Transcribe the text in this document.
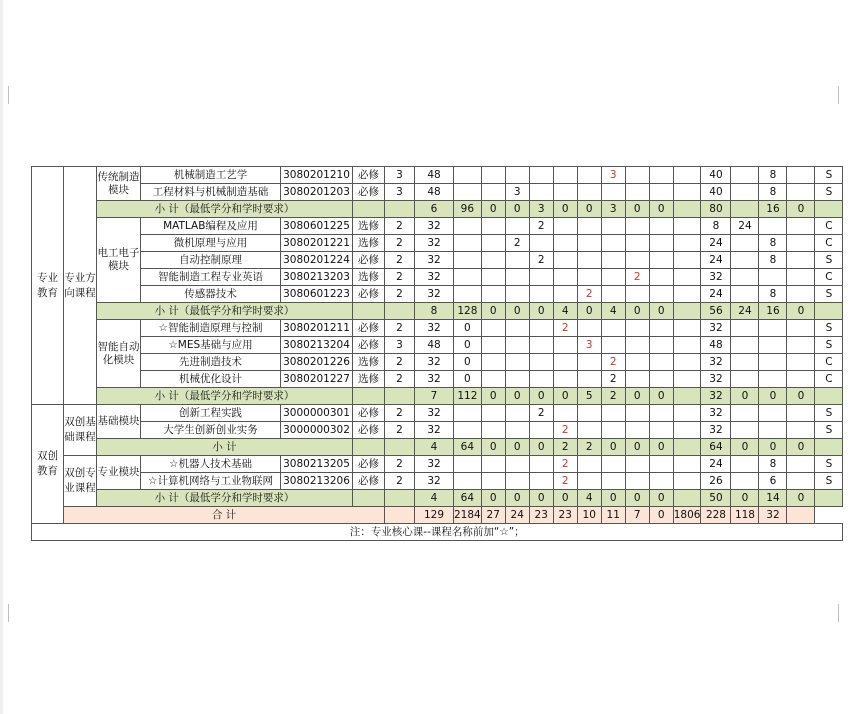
专业教育	专业方向课程	传统制造模块	机械制造工艺学	3080201210	必修	3	48							3				40		8		S
			工程材料与机械制造基础	3080201203	必修	3	48			3								40		8		S
		小 计（最低学分和学时要求）					6	96	0	0	3	0	0	3	0	0		80		16	0	
		电工电子模块	MATLAB编程及应用	3080601225	选修	2	32				2							8	24			C
			微机原理与应用	3080201221	选修	2	32			2								24		8		C
			自动控制原理	3080201224	必修	2	32				2							24		8		S
			智能制造工程专业英语	3080213203	选修	2	32								2			32				C
			传感器技术	3080601223	必修	2	32						2					24		8		S
		小 计（最低学分和学时要求）					8	128	0	0	0	4	0	4	0	0		56	24	16	0	
		智能自动化模块	☆智能制造原理与控制	3080201211	必修	2	32	0				2						32				S
			☆MES基础与应用	3080213204	必修	3	48	0					3					48				S
			先进制造技术	3080201226	选修	2	32	0						2				32				C
			机械优化设计	3080201227	选修	2	32	0						2				32				C
		小 计（最低学分和学时要求）					7	112	0	0	0	0	5	2	0	0		32	0	0	0	
双创教育	双创基础课程	基础模块	创新工程实践	3000000301	必修	2	32				2							32				S
			大学生创新创业实务	3000000302	必修	2	32					2						32				S
		小 计					4	64	0	0	0	2	2	0	0	0		64	0	0	0	
	双创专业课程	专业模块	☆机器人技术基础	3080213205	必修	2	32					2						24		8		S
			☆计算机网络与工业物联网	3080213206	必修	2	32					2						26		6		S
		小 计（最低学分和学时要求）					4	64	0	0	0	0	4	0	0	0		50	0	14	0	
	合 计						129	2184	27	24	23	23	10	11	7	0	1806	228	118	32		
注：专业核心课--课程名称前加“☆”；																						
